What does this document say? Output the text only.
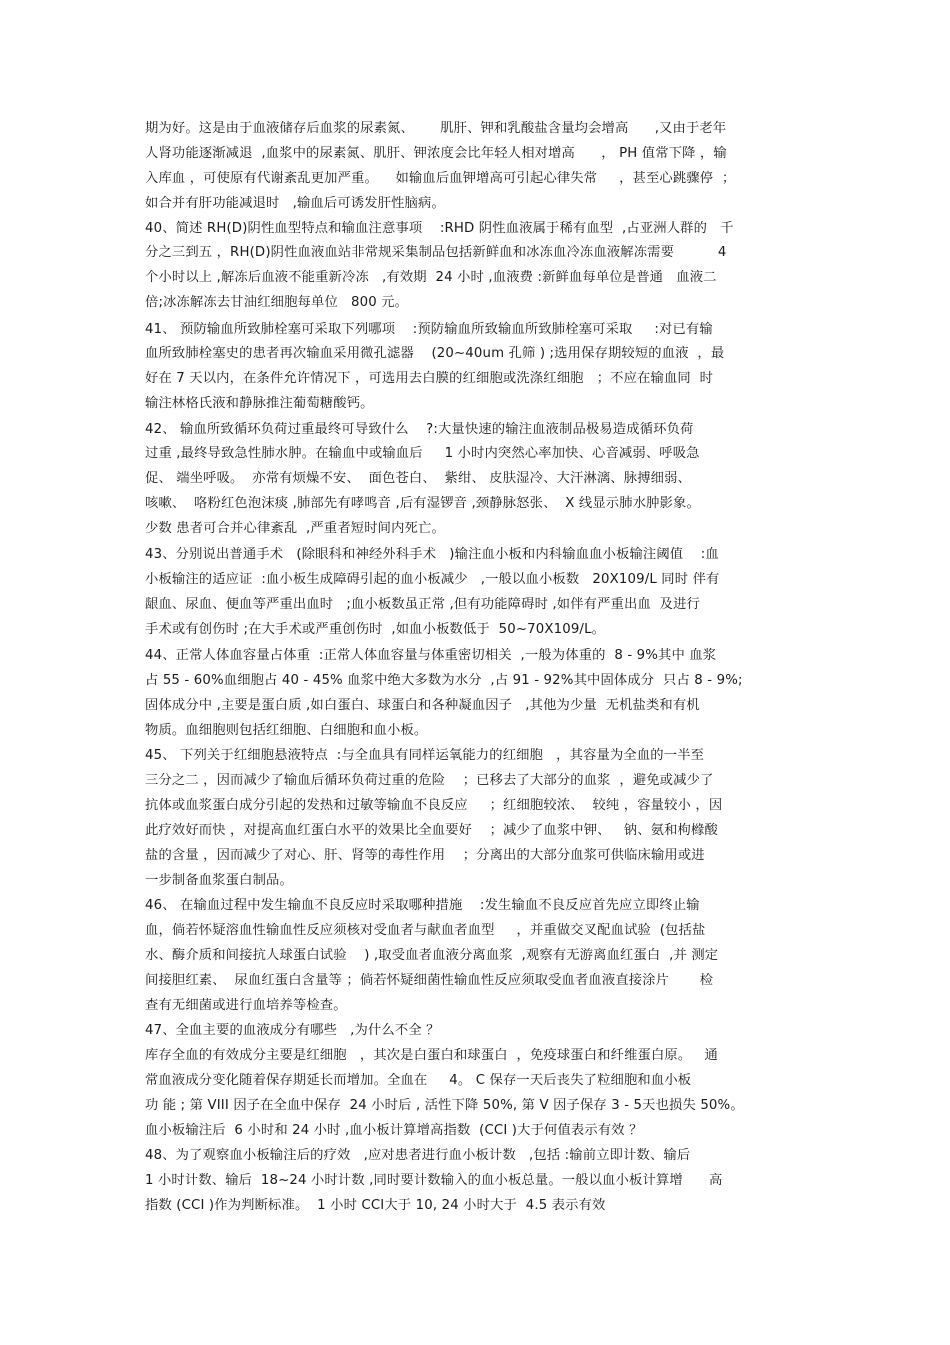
期为好。这是由于血液储存后血浆的尿素氮、      肌肝、钾和乳酸盐含量均会增高      ,又由于老年

人肾功能逐渐减退  ,血浆中的尿素氮、肌肝、钾浓度会比年轻人相对增高      ， PH 值常下降 ，输

入库血 ，可使原有代谢紊乱更加严重。    如输血后血钾增高可引起心律失常     ，甚至心跳骤停  ；

如合并有肝功能减退时   ,输血后可诱发肝性脑病。

40、简述 RH(D)阴性血型特点和输血注意事项    :RHD 阴性血液属于稀有血型  ,占亚洲人群的   千

分之三到五 ，RH(D)阴性血液血站非常规采集制品包括新鲜血和冰冻血冷冻血液解冻需要          4

个小时以上 ,解冻后血液不能重新冷冻   ,有效期  24 小时 ,血液费 :新鲜血每单位是普通   血液二

倍;冰冻解冻去甘油红细胞每单位   800 元。

41、 预防输血所致肺栓塞可采取下列哪项    :预防输血所致输血所致肺栓塞可采取     :对已有输

血所致肺栓塞史的患者再次输血采用微孔滤器    (20~40um 孔筛 ) ;选用保存期较短的血液  ，最

好在 7 天以内，在条件允许情况下 ，可选用去白膜的红细胞或洗涤红细胞   ；不应在输血同  时

输注林格氏液和静脉推注葡萄糖酸钙。

42、 输血所致循环负荷过重最终可导致什么    ?:大量快速的输注血液制品极易造成循环负荷

过重 ,最终导致急性肺水肿。在输血中或输血后     1 小时内突然心率加快、心音减弱、呼吸急

促、 端坐呼吸。  亦常有烦燥不安、  面色苍白、  紫绀、 皮肤湿冷、大汗淋漓、脉搏细弱、

咳嗽、  咯粉红色泡沫痰 ,肺部先有哮鸣音 ,后有湿锣音 ,颈静脉怒张、  X 线显示肺水肿影象。

少数 患者可合并心律紊乱  ,严重者短时间内死亡。

43、分别说出普通手术   (除眼科和神经外科手术   )输注血小板和内科输血血小板输注阈值    :血

小板输注的适应证  :血小板生成障碍引起的血小板减少   ,一般以血小板数   20X109/L 同时 伴有

龈血、尿血、便血等严重出血时   ;血小板数虽正常 ,但有功能障碍时 ,如伴有严重出血  及进行

手术或有创伤时 ;在大手术或严重创伤时  ,如血小板数低于  50~70X109/L。

44、正常人体血容量占体重  :正常人体血容量与体重密切相关  ,一般为体重的  8 - 9%其中 血浆

占 55 - 60%血细胞占 40 - 45% 血浆中绝大多数为水分  ,占 91 - 92%其中固体成分  只占 8 - 9%;

固体成分中 ,主要是蛋白质 ,如白蛋白、球蛋白和各种凝血因子   ,其他为少量  无机盐类和有机

物质。血细胞则包括红细胞、白细胞和血小板。

45、 下列关于红细胞悬液特点  :与全血具有同样运氧能力的红细胞   ，其容量为全血的一半至

三分之二 ，因而减少了输血后循环负荷过重的危险    ；已移去了大部分的血浆  ，避免或减少了

抗体或血浆蛋白成分引起的发热和过敏等输血不良反应     ；红细胞较浓、  较纯 ，容量较小 ，因

此疗效好而快 ，对提高血红蛋白水平的效果比全血要好    ；减少了血浆中钾、   钠、氨和枸橼酸

盐的含量 ，因而减少了对心、肝、肾等的毒性作用    ；分离出的大部分血浆可供临床输用或进

一步制备血浆蛋白制品。

46、 在输血过程中发生输血不良反应时采取哪种措施    :发生输血不良反应首先应立即终止输

血，倘若怀疑溶血性输血性反应须核对受血者与献血者血型     ，并重做交叉配血试验  (包括盐

水、酶介质和间接抗人球蛋白试验    ) ,取受血者血液分离血浆  ,观察有无游离血红蛋白  ,并 测定

间接胆红素、  尿血红蛋白含量等 ；倘若怀疑细菌性输血性反应须取受血者血液直接涂片       检

查有无细菌或进行血培养等检查。

47、全血主要的血液成分有哪些   ,为什么不全 ？

库存全血的有效成分主要是红细胞   ，其次是白蛋白和球蛋白  ，免疫球蛋白和纤维蛋白原。   通

常血液成分变化随着保存期延长而增加。全血在     4。 C 保存一天后丧失了粒细胞和血小板

功 能 ; 第 VIII 因子在全血中保存  24 小时后 , 活性下降 50%, 第 V 因子保存 3 - 5天也损失 50%。

血小板输注后  6 小时和 24 小时 ,血小板计算增高指数  (CCI )大于何值表示有效 ？

48、为了观察血小板输注后的疗效   ,应对患者进行血小板计数   ,包括 :输前立即计数、输后

1 小时计数、输后  18~24 小时计数 ,同时要计数输入的血小板总量。一般以血小板计算增      高

指数 (CCI )作为判断标准。  1 小时 CCI大于 10, 24 小时大于  4.5 表示有效
